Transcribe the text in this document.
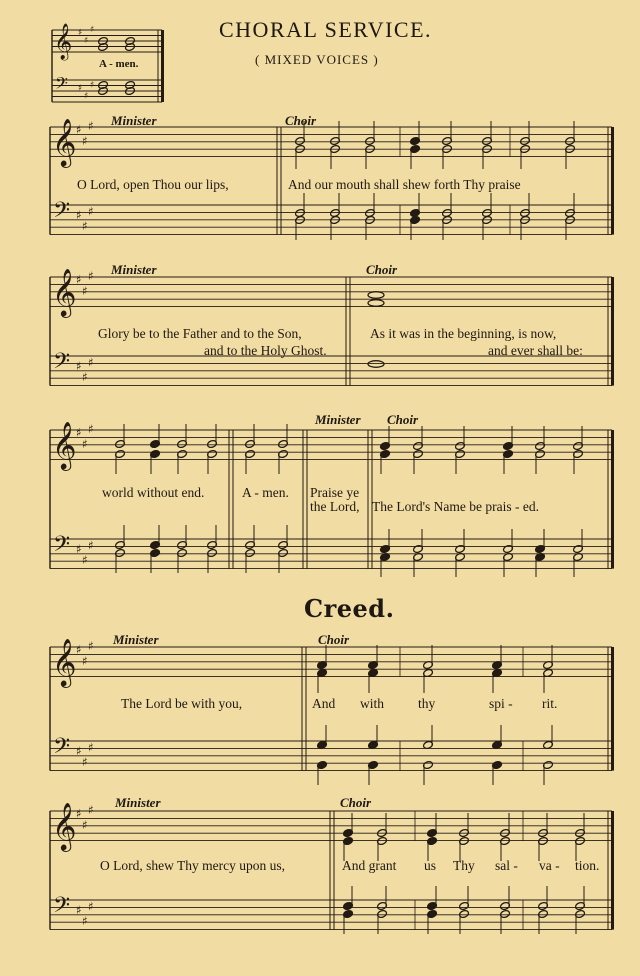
𝄞
𝄢
♯
♯
♯
♯
♯
♯
𝄞
𝄢
♯
♯
♯
♯
♯
♯
𝄞
𝄢
♯
♯
♯
♯
♯
♯
𝄞
𝄢
♯
♯
♯
♯
♯
♯
𝄞
𝄢
♯
♯
♯
♯
♯
♯
𝄞
𝄢
♯
♯
♯
♯
♯
♯
CHORAL SERVICE.
( MIXED VOICES )
A - men.
Minister	Choir
O Lord, open Thou our lips,	And our mouth shall shew forth Thy praise
Minister	Choir
Glory be to the Father and to the Son,
and to the Holy Ghost.
As it was in the beginning, is now,
and ever shall be:
Minister Choir
world without end.	A - men. Praise ye
the Lord, The Lord's Name be prais - ed.
Creed.
Minister	Choir
The Lord be with you,	And with	thy	spi - rit.
Minister	Choir
O Lord, shew Thy mercy upon us,	And grant us Thy sal - va - tion.
